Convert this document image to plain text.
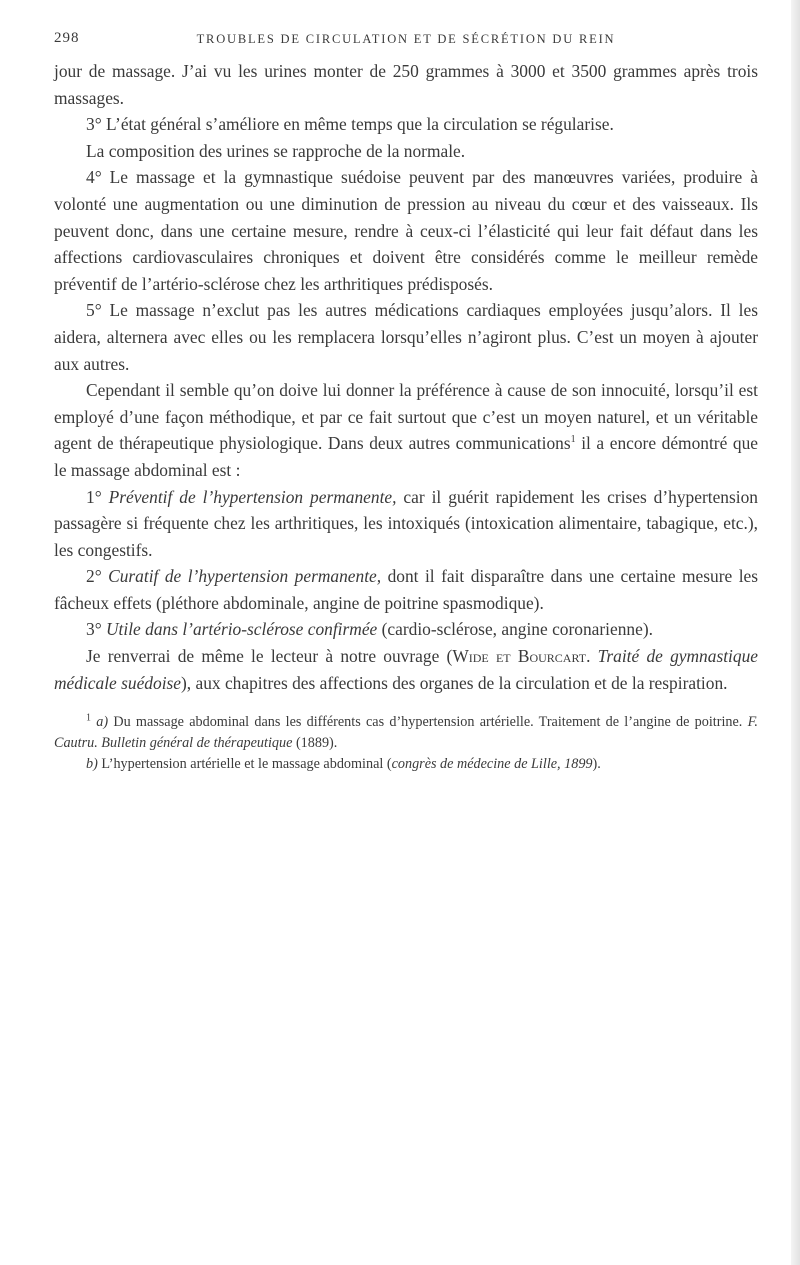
298	TROUBLES DE CIRCULATION ET DE SÉCRÉTION DU REIN

jour de massage. J’ai vu les urines monter de 250 grammes à 3000 et 3500 grammes après trois massages.

3° L’état général s’améliore en même temps que la circulation se régularise.

La composition des urines se rapproche de la normale.

4° Le massage et la gymnastique suédoise peuvent par des manœuvres variées, produire à volonté une augmentation ou une diminution de pression au niveau du cœur et des vaisseaux. Ils peuvent donc, dans une certaine mesure, rendre à ceux-ci l’élasticité qui leur fait défaut dans les affections cardiovasculaires chroniques et doivent être considérés comme le meilleur remède préventif de l’artério-sclérose chez les arthritiques prédisposés.

5° Le massage n’exclut pas les autres médications cardiaques employées jusqu’alors. Il les aidera, alternera avec elles ou les remplacera lorsqu’elles n’agiront plus. C’est un moyen à ajouter aux autres.

Cependant il semble qu’on doive lui donner la préférence à cause de son innocuité, lorsqu’il est employé d’une façon méthodique, et par ce fait surtout que c’est un moyen naturel, et un véritable agent de thérapeutique physiologique. Dans deux autres communications$^1$ il a encore démontré que le massage abdominal est :

1° Préventif de l’hypertension permanente, car il guérit rapidement les crises d’hypertension passagère si fréquente chez les arthritiques, les intoxiqués (intoxication alimentaire, tabagique, etc.), les congestifs.

2° Curatif de l’hypertension permanente, dont il fait disparaître dans une certaine mesure les fâcheux effets (pléthore abdominale, angine de poitrine spasmodique).

3° Utile dans l’artério-sclérose confirmée (cardio-sclérose, angine coronarienne).

Je renverrai de même le lecteur à notre ouvrage (Wide et Bourcart. Traité de gymnastique médicale suédoise), aux chapitres des affections des organes de la circulation et de la respiration.

$^1$ a) Du massage abdominal dans les différents cas d’hypertension artérielle. Traitement de l’angine de poitrine. F. Cautru. Bulletin général de thérapeutique (1889).

b) L’hypertension artérielle et le massage abdominal (congrès de médecine de Lille, 1899).
